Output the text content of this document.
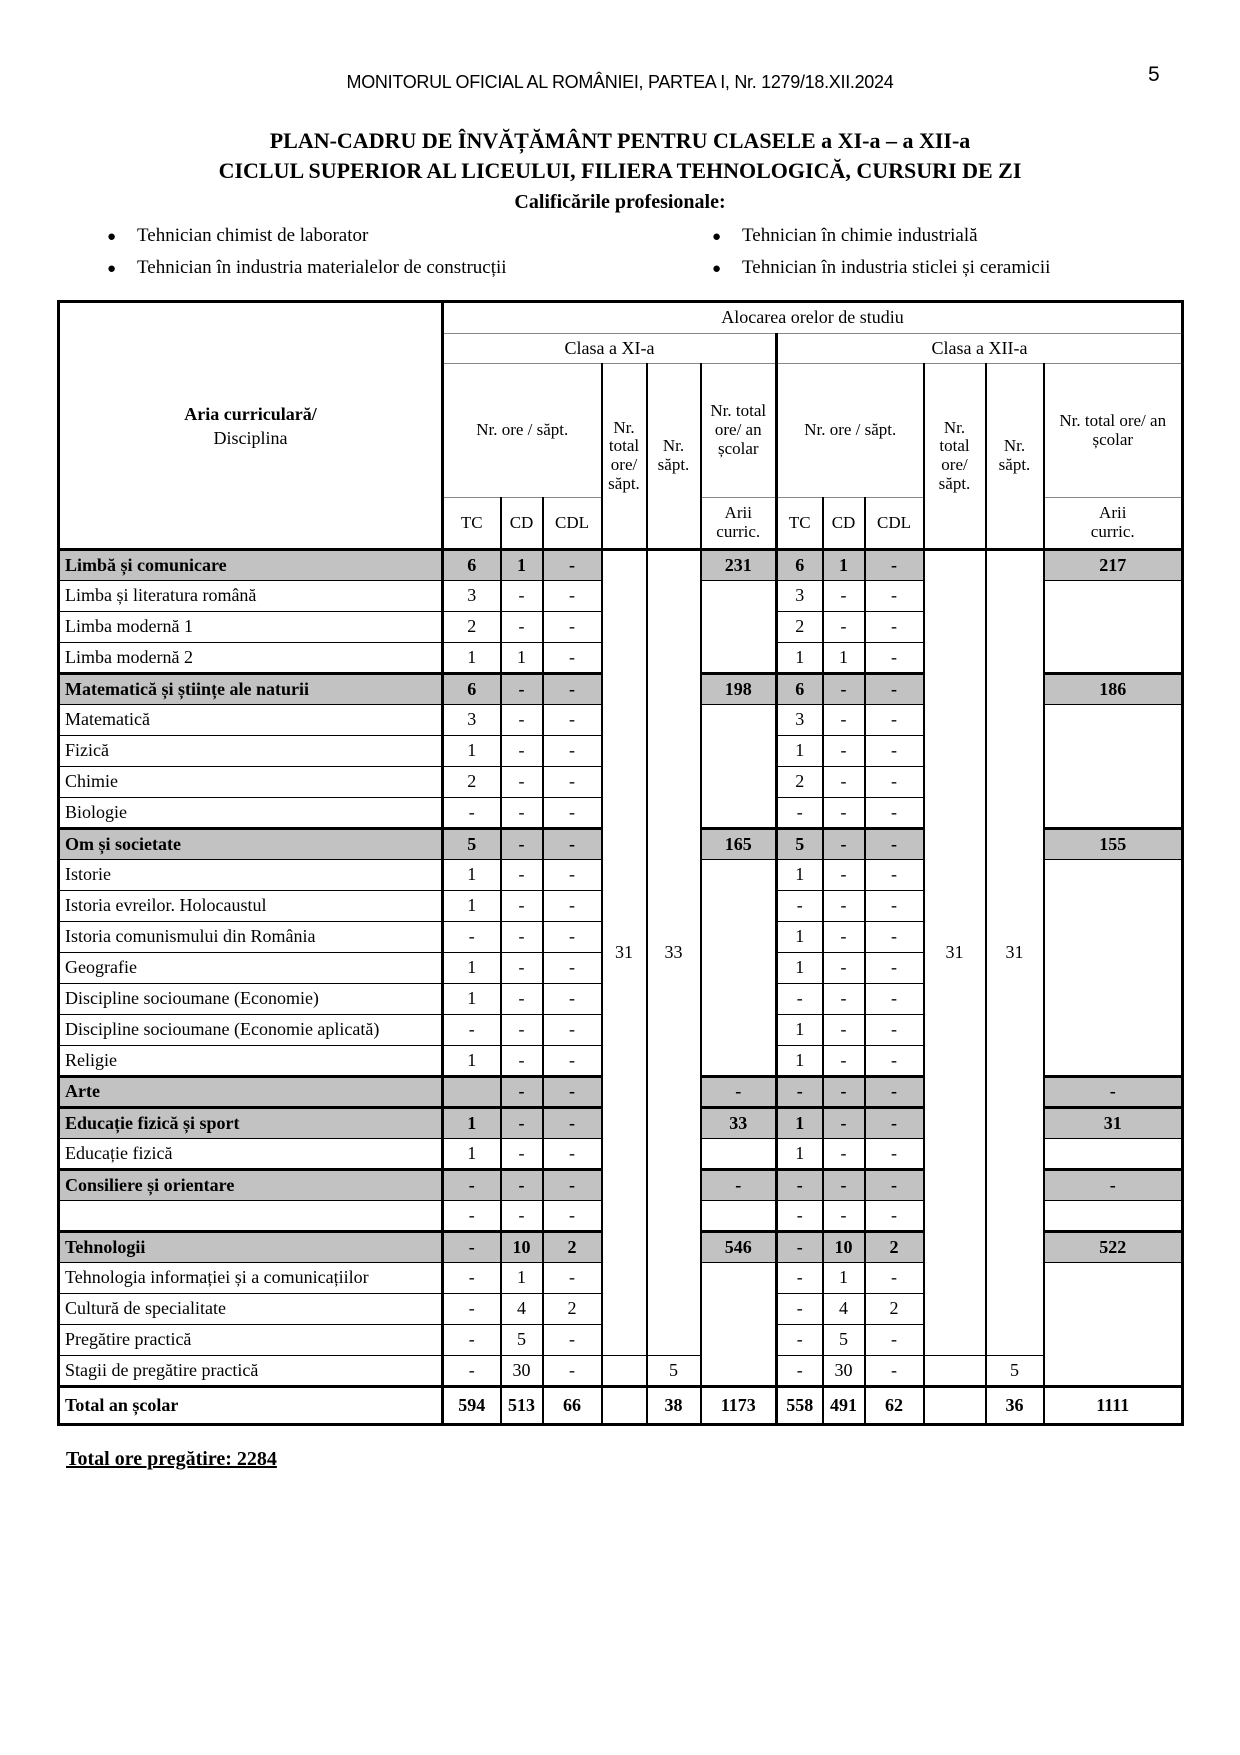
MONITORUL OFICIAL AL ROMÂNIEI, PARTEA I, Nr. 1279/18.XII.2024	5
PLAN-CADRU DE ÎNVĂȚĂMÂNT PENTRU CLASELE a XI-a – a XII-a
CICLUL SUPERIOR AL LICEULUI, FILIERA TEHNOLOGICĂ, CURSURI DE ZI
Calificările profesionale:
●	Tehnician chimist de laborator
●	Tehnician în industria materialelor de construcții
●	Tehnician în chimie industrială
●	Tehnician în industria sticlei și ceramicii
Aria curriculară/
Disciplina	Alocarea orelor de studiu											
	Clasa a XI-a						Clasa a XII-a					
	Nr. ore / săpt.			Nr. total ore/ săpt.	Nr. săpt.	Nr. total ore/ an școlar	Nr. ore / săpt.			Nr. total ore/ săpt.	Nr. săpt.	Nr. total ore/ an școlar
	TC	CD	CDL			Arii curric.	TC	CD	CDL			Arii curric.

Limbă și comunicare	6	1	-	31	33	231	6	1	-	31	31	217
Limba și literatura română	3	-	-				3	-	-			
Limba modernă 1	2	-	-				2	-	-			
Limba modernă 2	1	1	-				1	1	-			
Matematică și științe ale naturii	6	-	-			198	6	-	-			186
Matematică	3	-	-				3	-	-			
Fizică	1	-	-				1	-	-			
Chimie	2	-	-				2	-	-			
Biologie	-	-	-				-	-	-			
Om și societate	5	-	-			165	5	-	-			155
Istorie	1	-	-				1	-	-			
Istoria evreilor. Holocaustul	1	-	-				-	-	-			
Istoria comunismului din România	-	-	-				1	-	-			
Geografie	1	-	-				1	-	-			
Discipline socioumane (Economie)	1	-	-				-	-	-			
Discipline socioumane (Economie aplicată)	-	-	-				1	-	-			
Religie	1	-	-				1	-	-			
Arte		-	-			-	-	-	-			-
Educație fizică și sport	1	-	-			33	1	-	-			31
Educație fizică	1	-	-				1	-	-			
Consiliere și orientare	-	-	-			-	-	-	-			-
	-	-	-				-	-	-			
Tehnologii	-	10	2			546	-	10	2			522
Tehnologia informației și a comunicațiilor	-	1	-				-	1	-			
Cultură de specialitate	-	4	2				-	4	2			
Pregătire practică	-	5	-				-	5	-			
Stagii de pregătire practică	-	30	-		5		-	30	-		5	
Total an școlar	594	513	66		38	1173	558	491	62		36	1111
Total ore pregătire: 2284
